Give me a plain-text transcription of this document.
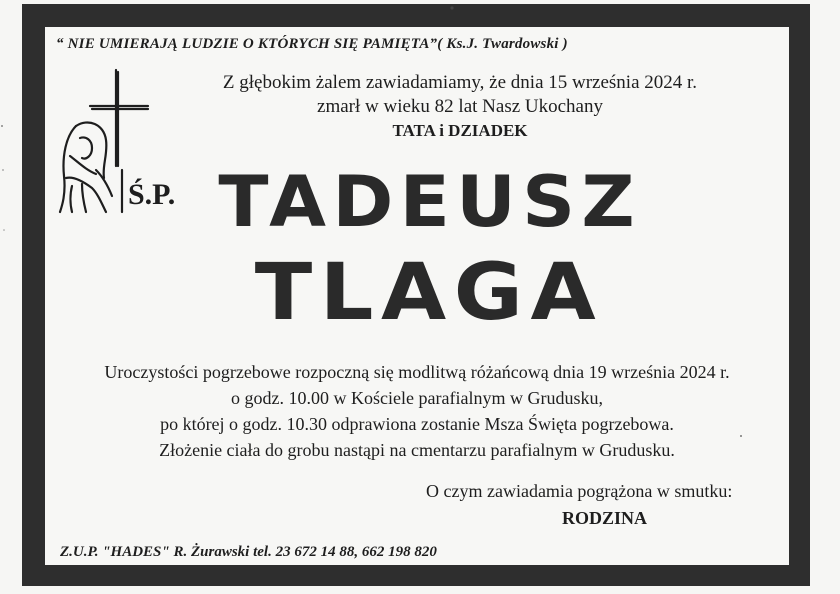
“ NIE UMIERAJĄ LUDZIE O KTÓRYCH SIĘ PAMIĘTA”( Ks.J. Twardowski )
Z głębokim żalem zawiadamiamy, że dnia 15 września 2024 r.
zmarł w wieku 82 lat Nasz Ukochany
TATA i DZIADEK
Ś.P. TADEUSZ
TLAGA
Uroczystości pogrzebowe rozpoczną się modlitwą różańcową dnia 19 września 2024 r.
o godz. 10.00 w Kościele parafialnym w Grudusku,
po której o godz. 10.30 odprawiona zostanie Msza Święta pogrzebowa.
Złożenie ciała do grobu nastąpi na cmentarzu parafialnym w Grudusku.
O czym zawiadamia pogrążona w smutku:
RODZINA
Z.U.P. "HADES" R. Żurawski tel. 23 672 14 88, 662 198 820
